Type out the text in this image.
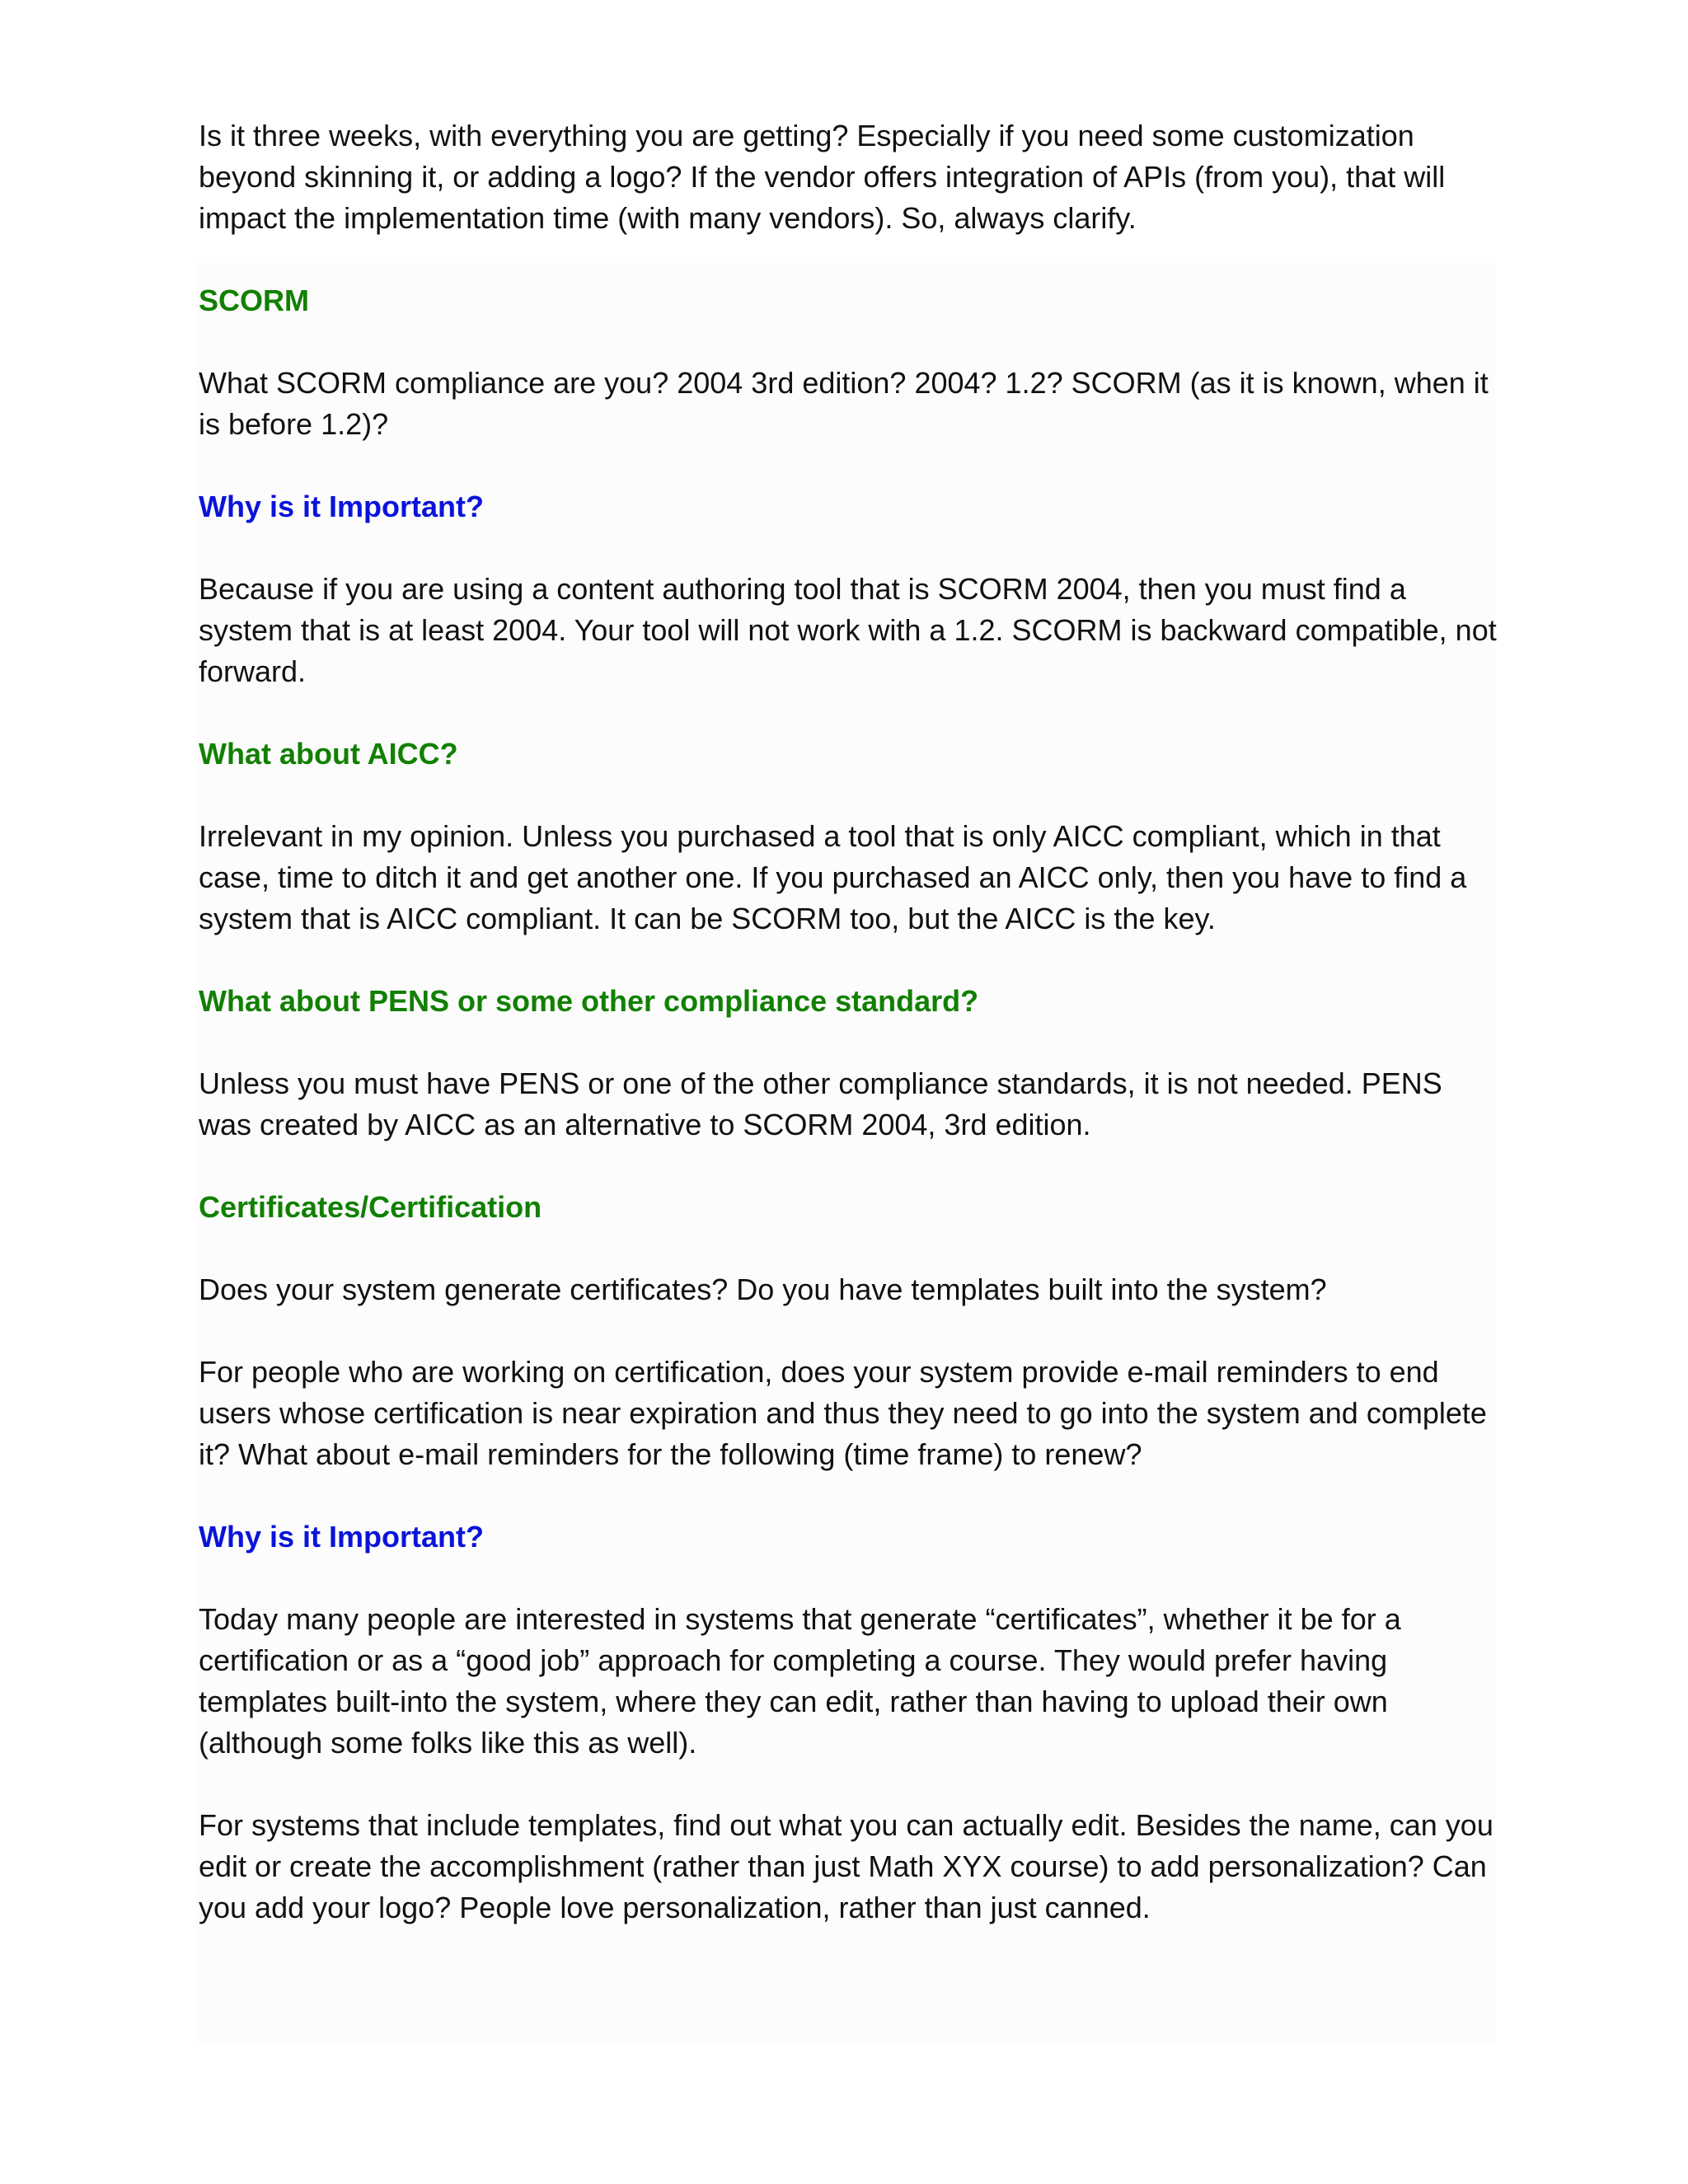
Is it three weeks, with everything you are getting? Especially if you need some customization beyond skinning it, or adding a logo? If the vendor offers integration of APIs (from you), that will impact the implementation time (with many vendors). So, always clarify.

SCORM

What SCORM compliance are you? 2004 3rd edition? 2004? 1.2? SCORM (as it is known, when it is before 1.2)?

Why is it Important?

Because if you are using a content authoring tool that is SCORM 2004, then you must find a system that is at least 2004. Your tool will not work with a 1.2. SCORM is backward compatible, not forward.

What about AICC?

Irrelevant in my opinion. Unless you purchased a tool that is only AICC compliant, which in that case, time to ditch it and get another one. If you purchased an AICC only, then you have to find a system that is AICC compliant. It can be SCORM too, but the AICC is the key.

What about PENS or some other compliance standard?

Unless you must have PENS or one of the other compliance standards, it is not needed. PENS was created by AICC as an alternative to SCORM 2004, 3rd edition.

Certificates/Certification

Does your system generate certificates? Do you have templates built into the system?

For people who are working on certification, does your system provide e-mail reminders to end users whose certification is near expiration and thus they need to go into the system and complete it? What about e-mail reminders for the following (time frame) to renew?

Why is it Important?

Today many people are interested in systems that generate “certificates”, whether it be for a certification or as a “good job” approach for completing a course. They would prefer having templates built-into the system, where they can edit, rather than having to upload their own (although some folks like this as well).

For systems that include templates, find out what you can actually edit. Besides the name, can you edit or create the accomplishment (rather than just Math XYX course) to add personalization? Can you add your logo? People love personalization, rather than just canned.
